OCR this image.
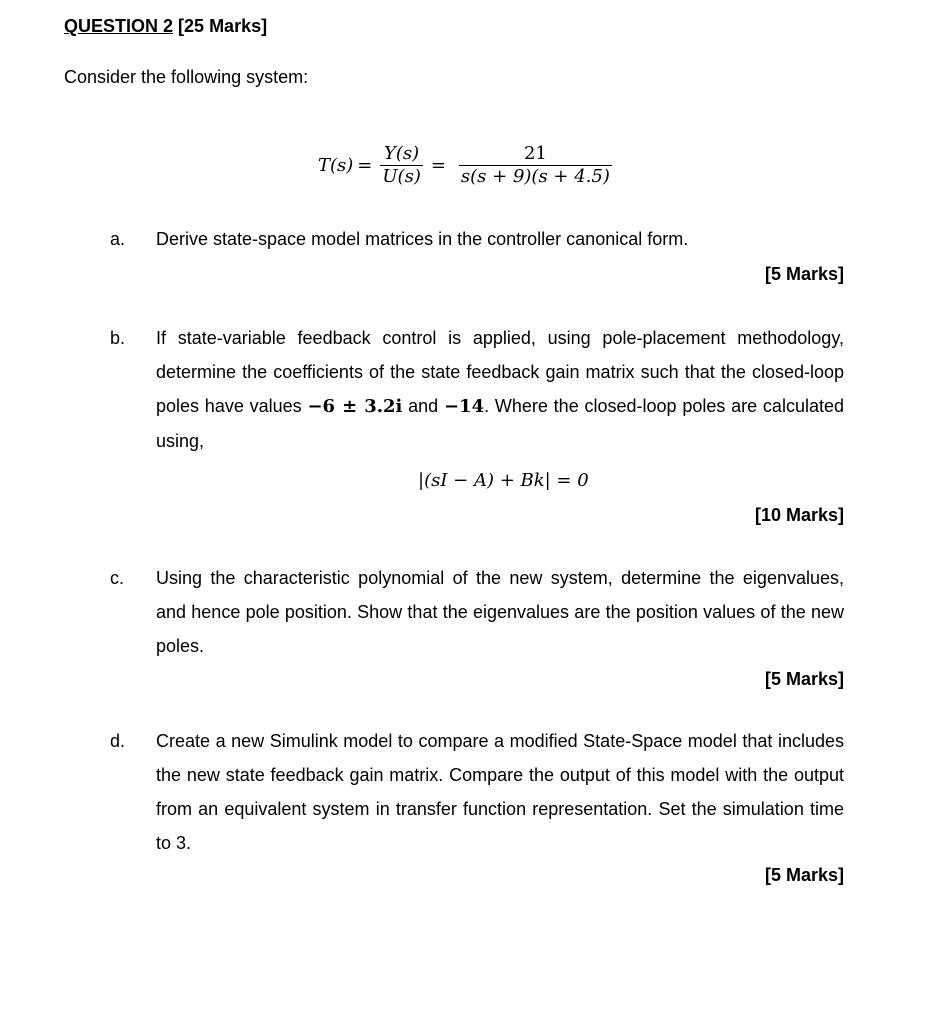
QUESTION 2 [25 Marks]
Consider the following system:
$T(s) = \frac{Y(s)}{U(s)} = \frac{21}{s(s + 9)(s + 4.5)}$
a. Derive state-space model matrices in the controller canonical form.
[5 Marks]
b. If state-variable feedback control is applied, using pole-placement methodology, determine the coefficients of the state feedback gain matrix such that the closed-loop poles have values −6 ± 3.2i and −14. Where the closed-loop poles are calculated using,
|(sI − A) + Bk| = 0
[10 Marks]
c. Using the characteristic polynomial of the new system, determine the eigenvalues, and hence pole position. Show that the eigenvalues are the position values of the new poles.
[5 Marks]
d. Create a new Simulink model to compare a modified State-Space model that includes the new state feedback gain matrix. Compare the output of this model with the output from an equivalent system in transfer function representation. Set the simulation time to 3.
[5 Marks]
